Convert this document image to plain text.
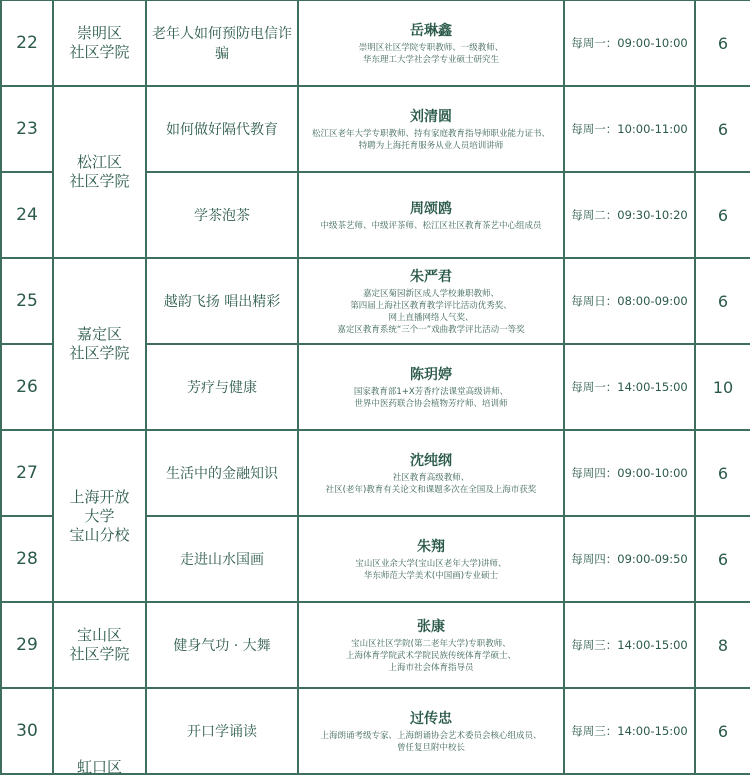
22	崇明区
社区学院	老年人如何预防电信诈骗	岳琳鑫
崇明区社区学院专职教师、一级教师、
华东理工大学社会学专业硕士研究生	每周一：09:00-10:00	6
23	松江区
社区学院	如何做好隔代教育	刘清圆
松江区老年大学专职教师、持有家庭教育指导师职业能力证书、
特聘为上海托育服务从业人员培训讲师	每周一：10:00-11:00	6
24		学茶泡茶	周颂鸥
中级茶艺师、中级评茶师、松江区社区教育茶艺中心组成员	每周二：09:30-10:20	6
25	嘉定区
社区学院	越韵飞扬 唱出精彩	朱严君
嘉定区菊园新区成人学校兼职教师、
第四届上海社区教育教学评比活动优秀奖、
网上直播网络人气奖、
嘉定区教育系统“三个一”戏曲教学评比活动一等奖	每周日：08:00-09:00	6
26		芳疗与健康	陈玥婷
国家教育部1+X芳香疗法课堂高级讲师、
世界中医药联合协会植物芳疗师、培训师	每周一：14:00-15:00	10
27	上海开放
大学
宝山分校	生活中的金融知识	沈纯纲
社区教育高级教师、
社区(老年)教育有关论文和课题多次在全国及上海市获奖	每周四：09:00-10:00	6
28		走进山水国画	朱翔
宝山区业余大学(宝山区老年大学)讲师、
华东师范大学美术(中国画)专业硕士	每周四：09:00-09:50	6
29	宝山区
社区学院	健身气功 · 大舞	张康
宝山区社区学院(第二老年大学)专职教师、
上海体育学院武术学院民族传统体育学硕士、
上海市社会体育指导员	每周三：14:00-15:00	8
30	虹口区	开口学诵读	过传忠
上海朗诵考级专家、上海朗诵协会艺术委员会核心组成员、
曾任复旦附中校长	每周三：14:00-15:00	6
